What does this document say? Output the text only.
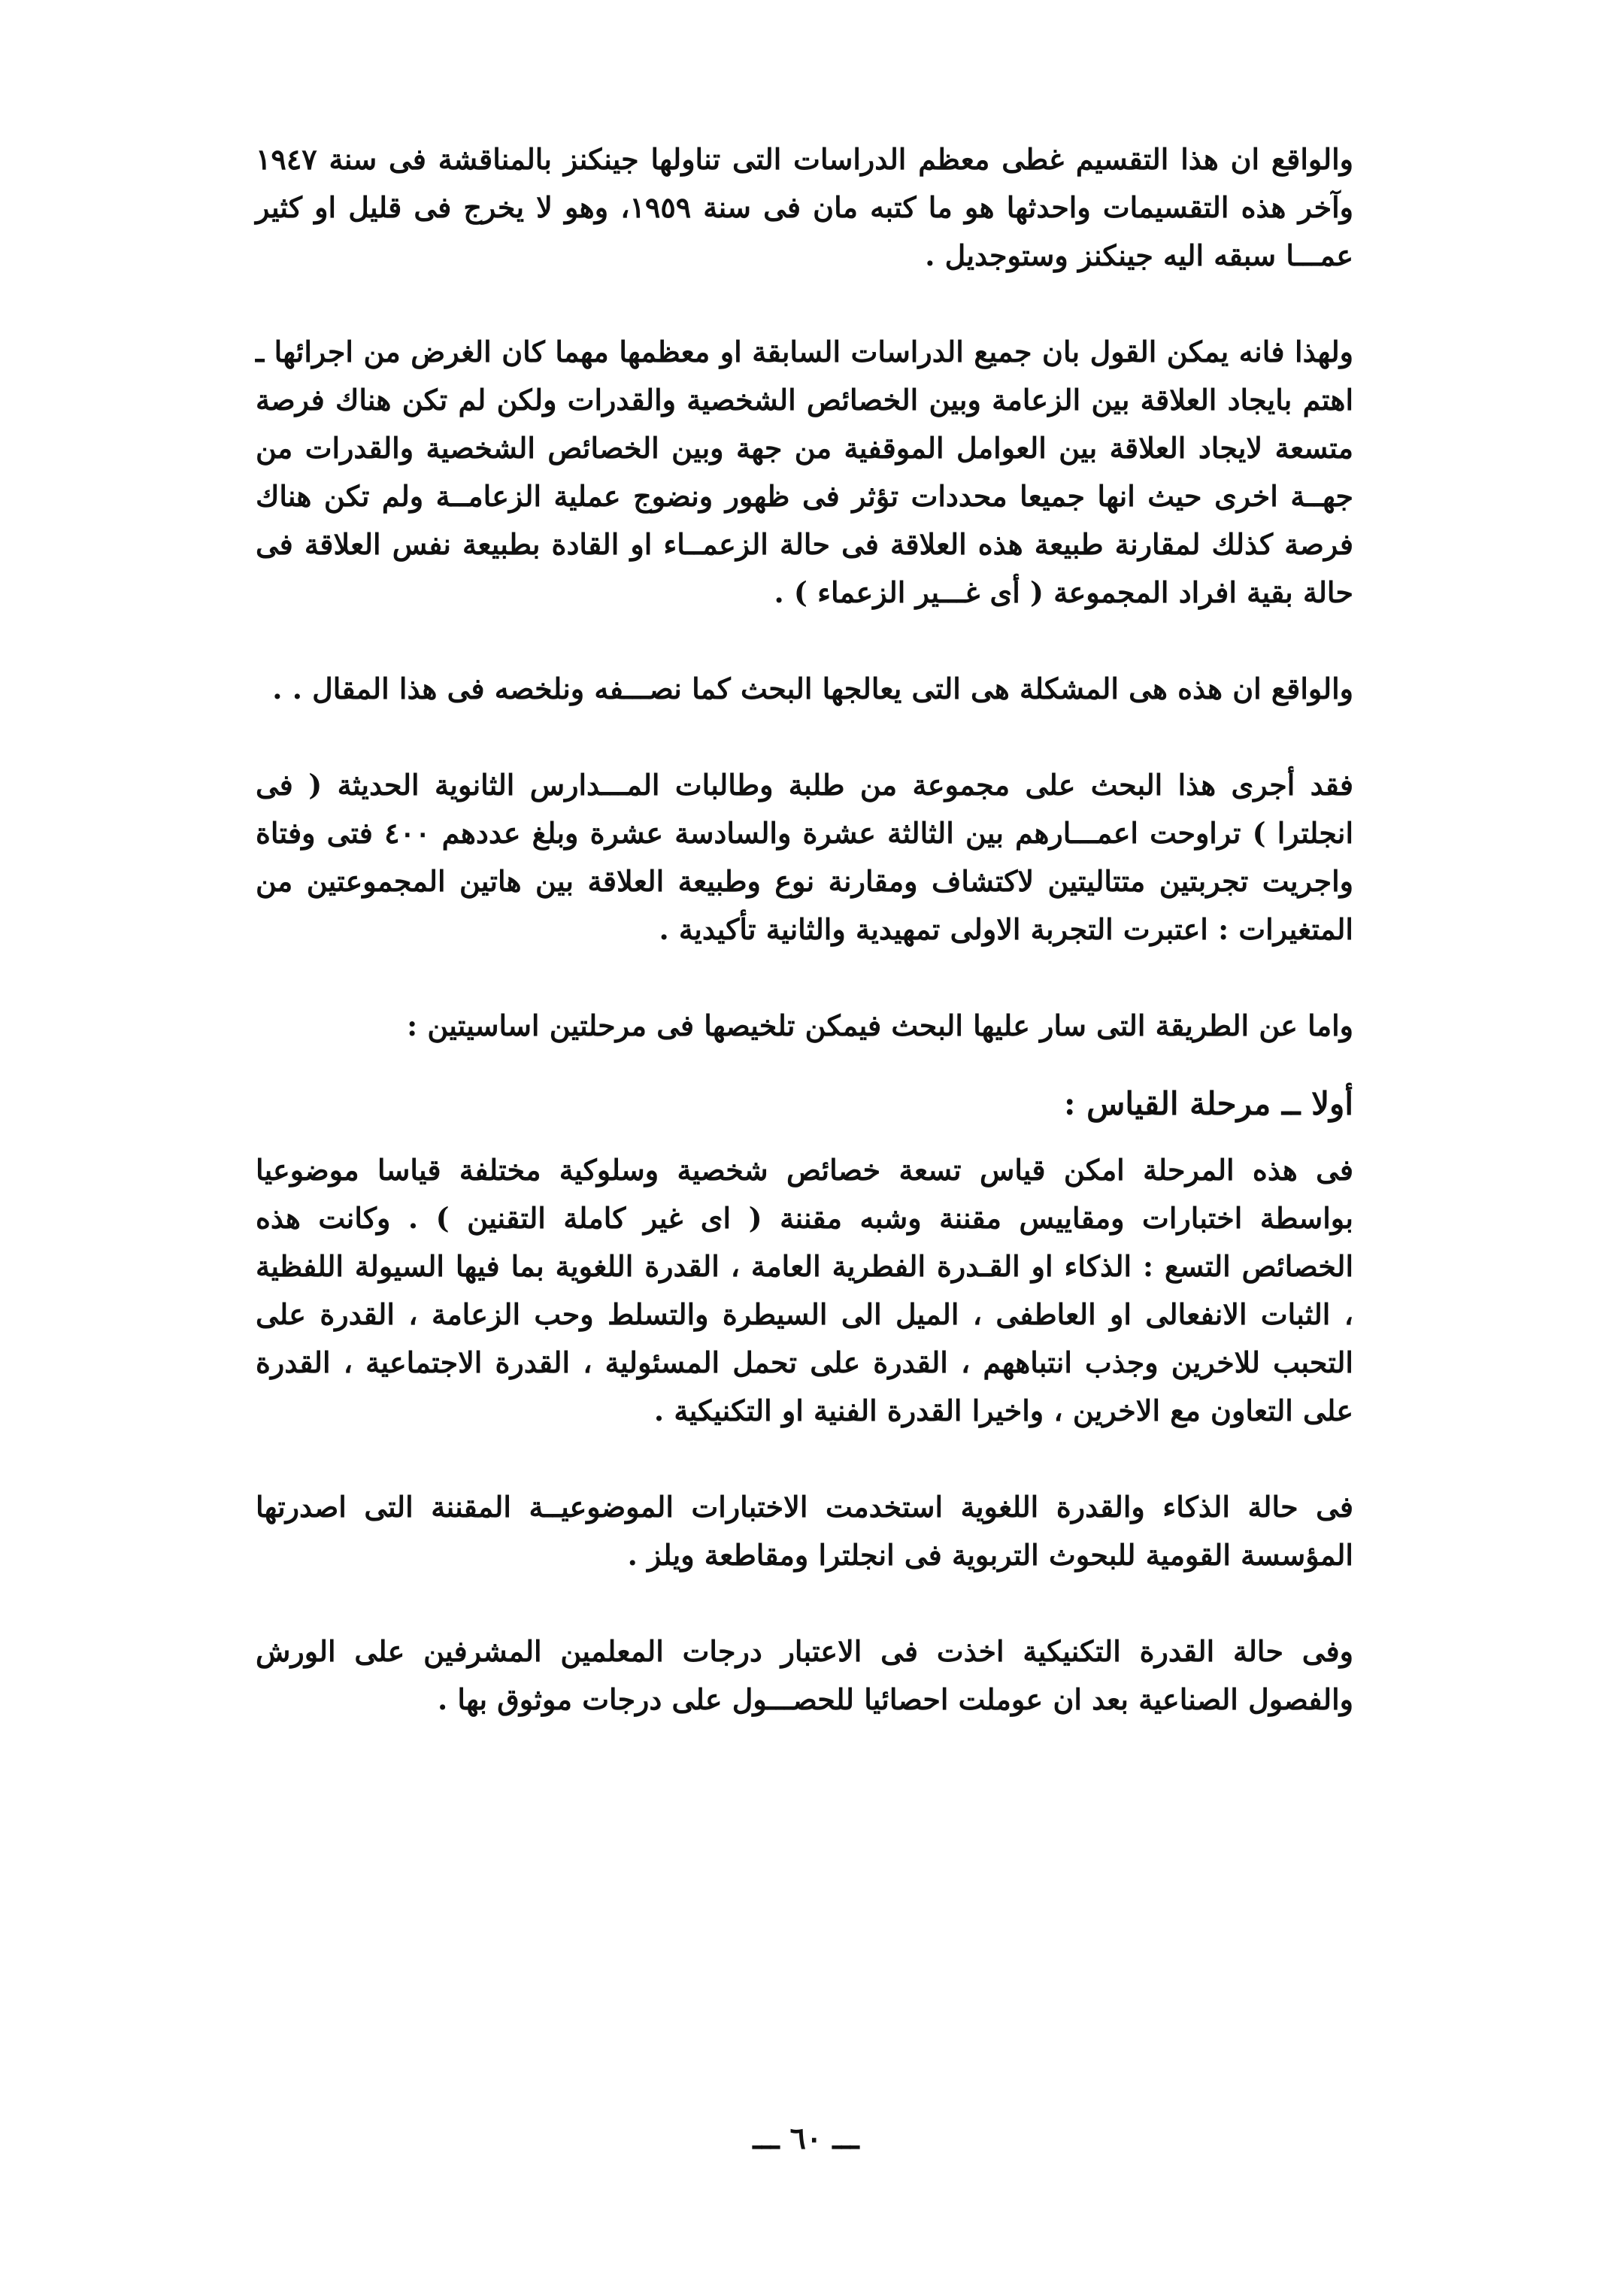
والواقع ان هذا التقسيم غطى معظم الدراسات التى تناولها جينكنز بالمناقشة فى سنة ١٩٤٧ وآخر هذه التقسيمات واحدثها هو ما كتبه مان فى سنة ١٩٥٩، وهو لا يخرج فى قليل او كثير عمـــا سبقه اليه جينكنز وستوجديل .

ولهذا فانه يمكن القول بان جميع الدراسات السابقة او معظمها مهما كان الغرض من اجرائها ـ اهتم بايجاد العلاقة بين الزعامة وبين الخصائص الشخصية والقدرات ولكن لم تكن هناك فرصة متسعة لايجاد العلاقة بين العوامل الموقفية من جهة وبين الخصائص الشخصية والقدرات من جهــة اخرى حيث انها جميعا محددات تؤثر فى ظهور ونضوج عملية الزعامــة ولم تكن هناك فرصة كذلك لمقارنة طبيعة هذه العلاقة فى حالة الزعمــاء او القادة بطبيعة نفس العلاقة فى حالة بقية افراد المجموعة ( أى غـــير الزعماء ) .

والواقع ان هذه هى المشكلة هى التى يعالجها البحث كما نصـــفه ونلخصه فى هذا المقال . .

فقد أجرى هذا البحث على مجموعة من طلبة وطالبات المـــدارس الثانوية الحديثة ( فى انجلترا ) تراوحت اعمـــارهم بين الثالثة عشرة والسادسة عشرة وبلغ عددهم ٤٠٠ فتى وفتاة واجريت تجربتين متتاليتين لاكتشاف ومقارنة نوع وطبيعة العلاقة بين هاتين المجموعتين من المتغيرات : اعتبرت التجربة الاولى تمهيدية والثانية تأكيدية .

واما عن الطريقة التى سار عليها البحث فيمكن تلخيصها فى مرحلتين اساسيتين :

أولا ــ مرحلة القياس :

فى هذه المرحلة امكن قياس تسعة خصائص شخصية وسلوكية مختلفة قياسا موضوعيا بواسطة اختبارات ومقاييس مقننة وشبه مقننة ( اى غير كاملة التقنين ) . وكانت هذه الخصائص التسع : الذكاء او القـدرة الفطرية العامة ، القدرة اللغوية بما فيها السيولة اللفظية ، الثبات الانفعالى او العاطفى ، الميل الى السيطرة والتسلط وحب الزعامة ، القدرة على التحبب للاخرين وجذب انتباههم ، القدرة على تحمل المسئولية ، القدرة الاجتماعية ، القدرة على التعاون مع الاخرين ، واخيرا القدرة الفنية او التكنيكية .

فى حالة الذكاء والقدرة اللغوية استخدمت الاختبارات الموضوعيــة المقننة التى اصدرتها المؤسسة القومية للبحوث التربوية فى انجلترا ومقاطعة ويلز .

وفى حالة القدرة التكنيكية اخذت فى الاعتبار درجات المعلمين المشرفين على الورش والفصول الصناعية بعد ان عوملت احصائيا للحصـــول على درجات موثوق بها .

ـــ ٦٠ ـــ
